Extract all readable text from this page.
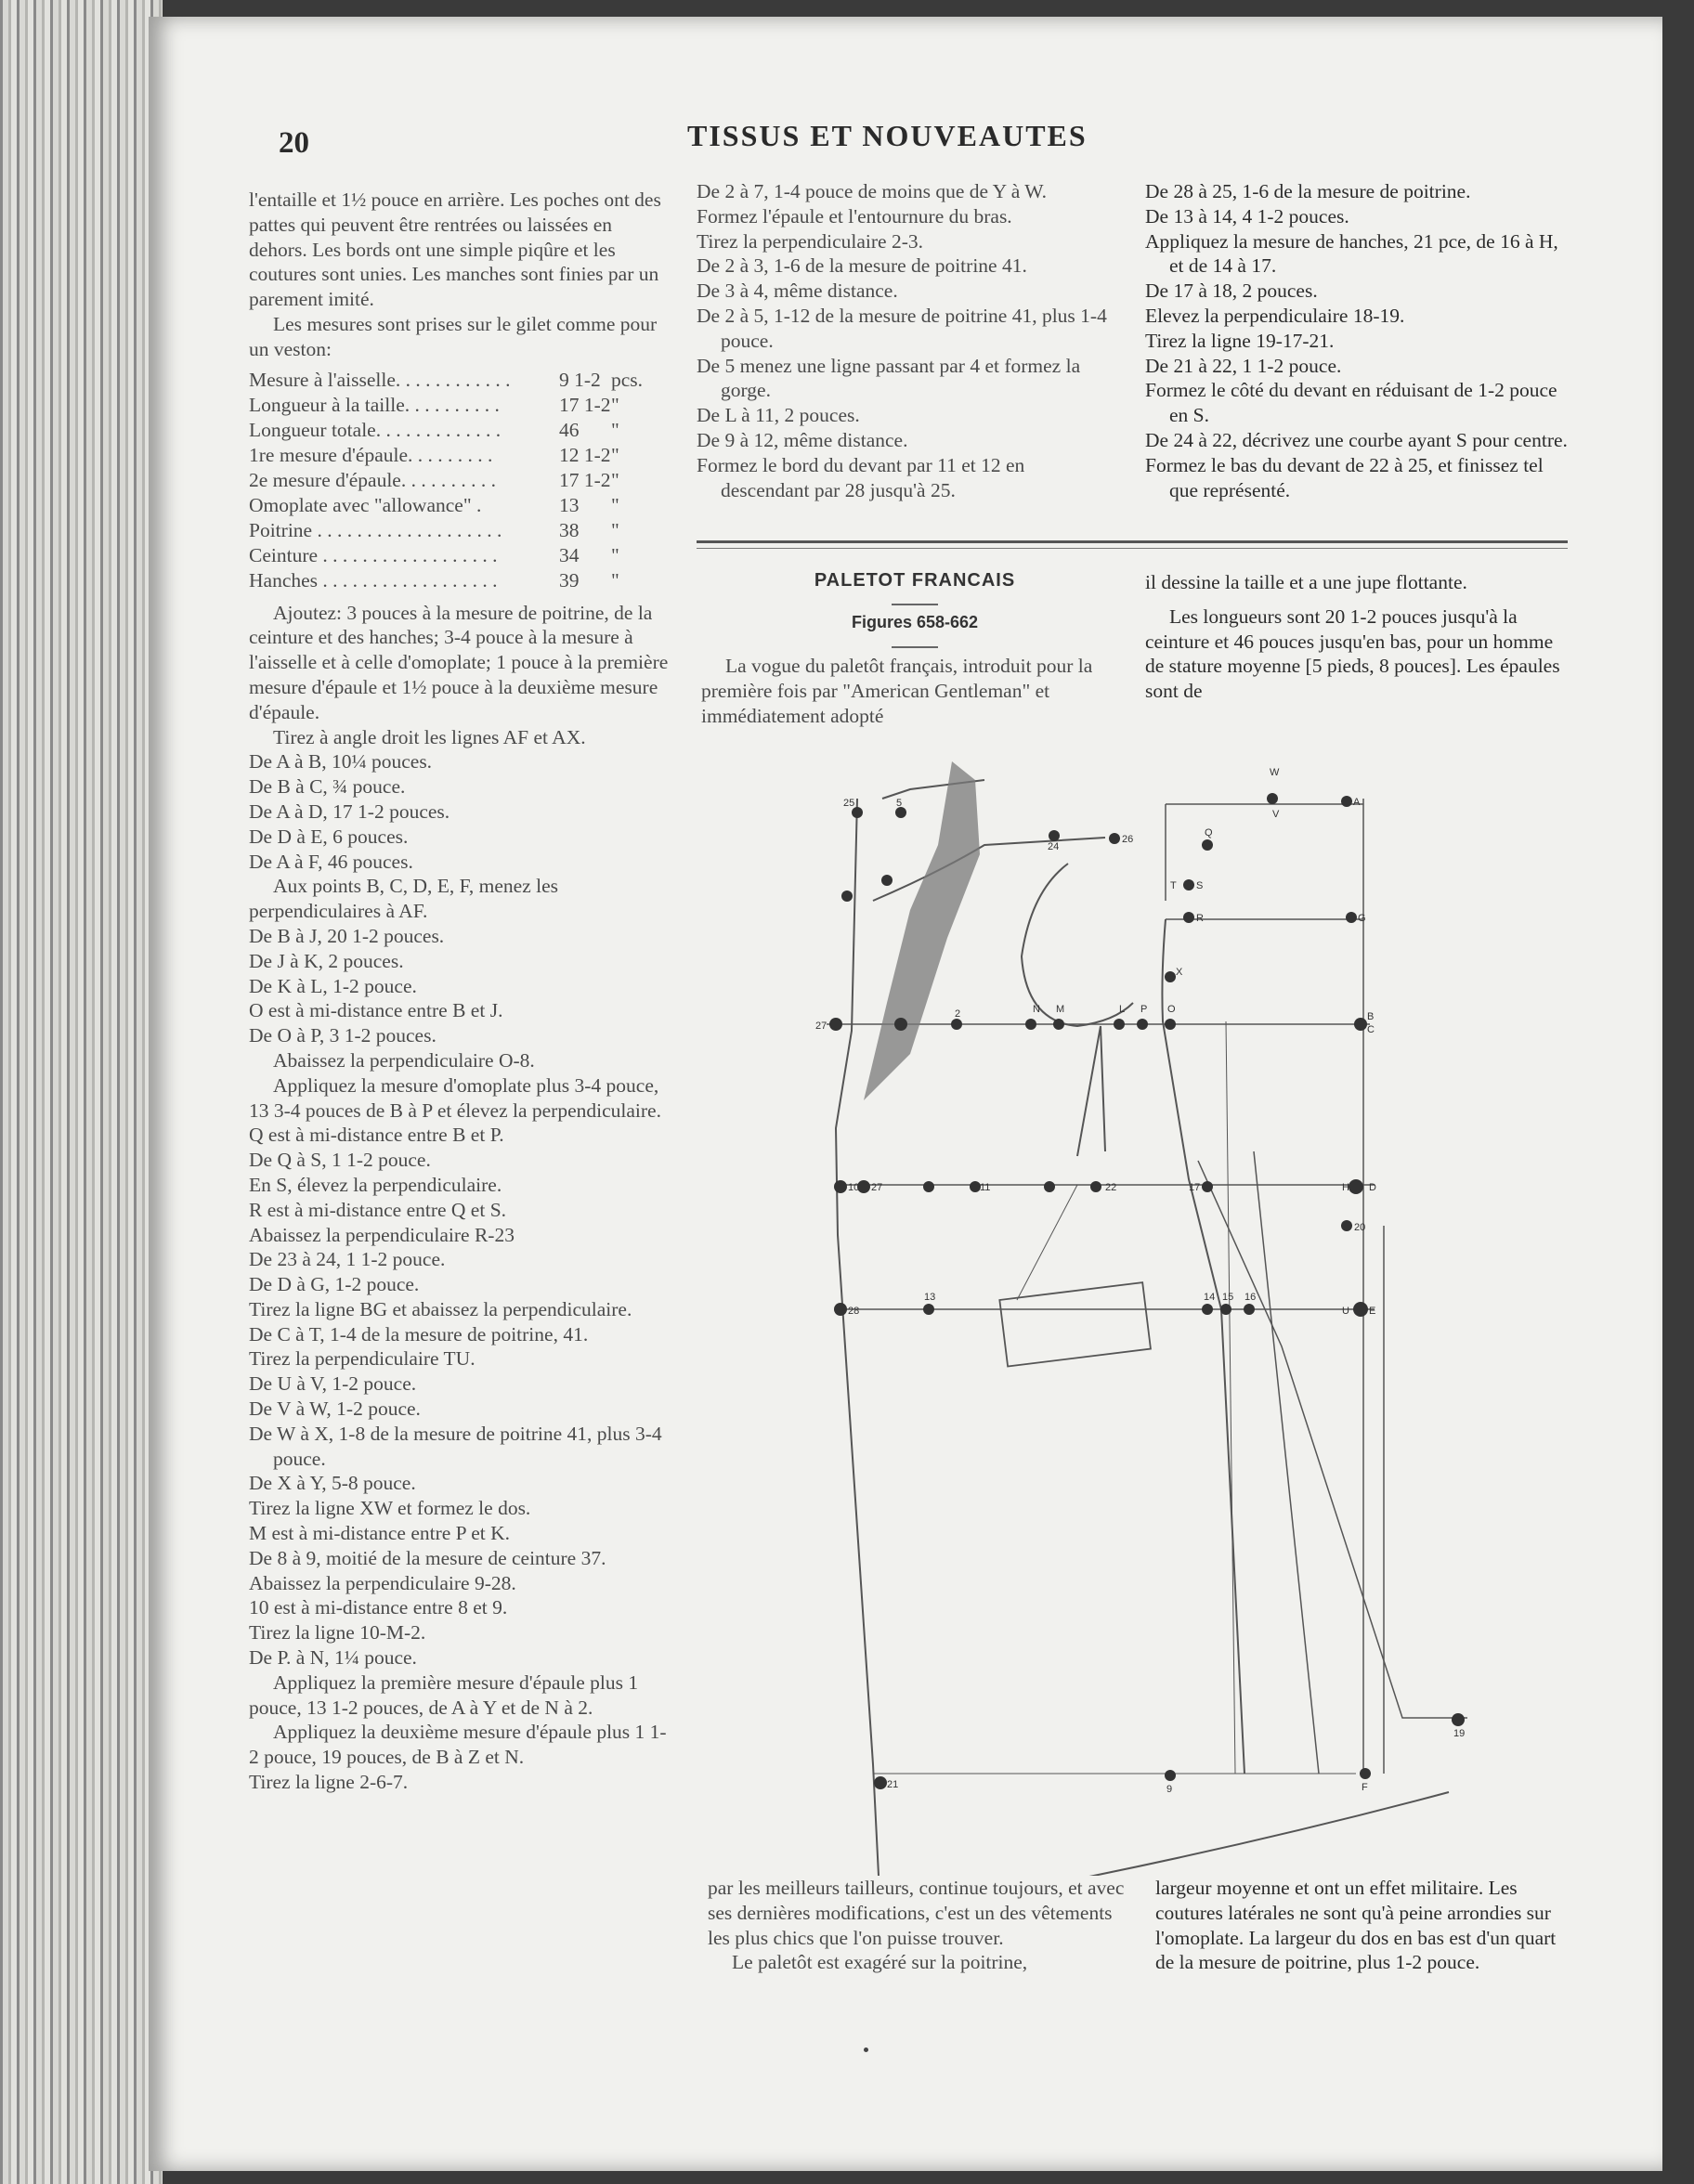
20	TISSUS ET NOUVEAUTES

l'entaille et 1½ pouce en arrière. Les poches ont des pattes qui peuvent être rentrées ou laissées en dehors. Les bords ont une simple piqûre et les coutures sont unies. Les manches sont finies par un parement imité.

Les mesures sont prises sur le gilet comme pour un veston:

Mesure à l'aisselle. . . . . . . . . . . .	9 1-2 pcs.
Longueur à la taille. . . . . . . . . .	17 1-2 "
Longueur totale. . . . . . . . . . . . .	46	"
1re mesure d'épaule. . . . . . . . .	12 1-2 "
2e mesure d'épaule. . . . . . . . . .	17 1-2 "
Omoplate avec "allowance" .	13	"
Poitrine . . . . . . . . . . . . . . . . . . .	38	"
Ceinture . . . . . . . . . . . . . . . . . .	34	"
Hanches . . . . . . . . . . . . . . . . . .	39	"

Ajoutez: 3 pouces à la mesure de poitrine, de la ceinture et des hanches; 3-4 pouce à la mesure à l'aisselle et à celle d'omoplate; 1 pouce à la première mesure d'épaule et 1½ pouce à la deuxième mesure d'épaule.

Tirez à angle droit les lignes AF et AX.

De A à B, 10¼ pouces.

De B à C, ¾ pouce.

De A à D, 17 1-2 pouces.

De D à E, 6 pouces.

De A à F, 46 pouces.

Aux points B, C, D, E, F, menez les perpendiculaires à AF.

De B à J, 20 1-2 pouces.

De J à K, 2 pouces.

De K à L, 1-2 pouce.

O est à mi-distance entre B et J.

De O à P, 3 1-2 pouces.

Abaissez la perpendiculaire O-8.

Appliquez la mesure d'omoplate plus 3-4 pouce, 13 3-4 pouces de B à P et élevez la perpendiculaire.

Q est à mi-distance entre B et P.

De Q à S, 1 1-2 pouce.

En S, élevez la perpendiculaire.

R est à mi-distance entre Q et S.

Abaissez la perpendiculaire R-23

De 23 à 24, 1 1-2 pouce.

De D à G, 1-2 pouce.

Tirez la ligne BG et abaissez la perpendiculaire.

De C à T, 1-4 de la mesure de poitrine, 41.

Tirez la perpendiculaire TU.

De U à V, 1-2 pouce.

De V à W, 1-2 pouce.

De W à X, 1-8 de la mesure de poitrine 41, plus 3-4 pouce.

De X à Y, 5-8 pouce.

Tirez la ligne XW et formez le dos.

M est à mi-distance entre P et K.

De 8 à 9, moitié de la mesure de ceinture 37.

Abaissez la perpendiculaire 9-28.

10 est à mi-distance entre 8 et 9.

Tirez la ligne 10-M-2.

De P. à N, 1¼ pouce.

Appliquez la première mesure d'épaule plus 1 pouce, 13 1-2 pouces, de A à Y et de N à 2.

Appliquez la deuxième mesure d'épaule plus 1 1-2 pouce, 19 pouces, de B à Z et N.

Tirez la ligne 2-6-7.

De 2 à 7, 1-4 pouce de moins que de Y à W.

Formez l'épaule et l'entournure du bras.

Tirez la perpendiculaire 2-3.

De 2 à 3, 1-6 de la mesure de poitrine 41.

De 3 à 4, même distance.

De 2 à 5, 1-12 de la mesure de poitrine 41, plus 1-4 pouce.

De 5 menez une ligne passant par 4 et formez la gorge.

De L à 11, 2 pouces.

De 9 à 12, même distance.

Formez le bord du devant par 11 et 12 en descendant par 28 jusqu'à 25.

De 28 à 25, 1-6 de la mesure de poitrine.

De 13 à 14, 4 1-2 pouces.

Appliquez la mesure de hanches, 21 pce, de 16 à H, et de 14 à 17.

De 17 à 18, 2 pouces.

Elevez la perpendiculaire 18-19.

Tirez la ligne 19-17-21.

De 21 à 22, 1 1-2 pouce.

Formez le côté du devant en réduisant de 1-2 pouce en S.

De 24 à 22, décrivez une courbe ayant S pour centre.

Formez le bas du devant de 22 à 25, et finissez tel que représenté.

PALETOT FRANCAIS
Figures 658-662
La vogue du paletôt français, introduit pour la première fois par "American Gentleman" et immédiatement adopté

il dessine la taille et a une jupe flottante.

Les longueurs sont 20 1-2 pouces jusqu'à la ceinture et 46 pouces jusqu'en bas, pour un homme de stature moyenne [5 pieds, 8 pouces]. Les épaules sont de

25	5
24
26
W
V
A
Q
T S
R	G
X
27
2	N M	L P O
B
C
10 27	11	22	17	H D
28
13	14 15 16
U E
20
21	9	F
19

par les meilleurs tailleurs, continue toujours, et avec ses dernières modifications, c'est un des vêtements les plus chics que l'on puisse trouver.

Le paletôt est exagéré sur la poitrine,

largeur moyenne et ont un effet militaire. Les coutures latérales ne sont qu'à peine arrondies sur l'omoplate. La largeur du dos en bas est d'un quart de la mesure de poitrine, plus 1-2 pouce.
